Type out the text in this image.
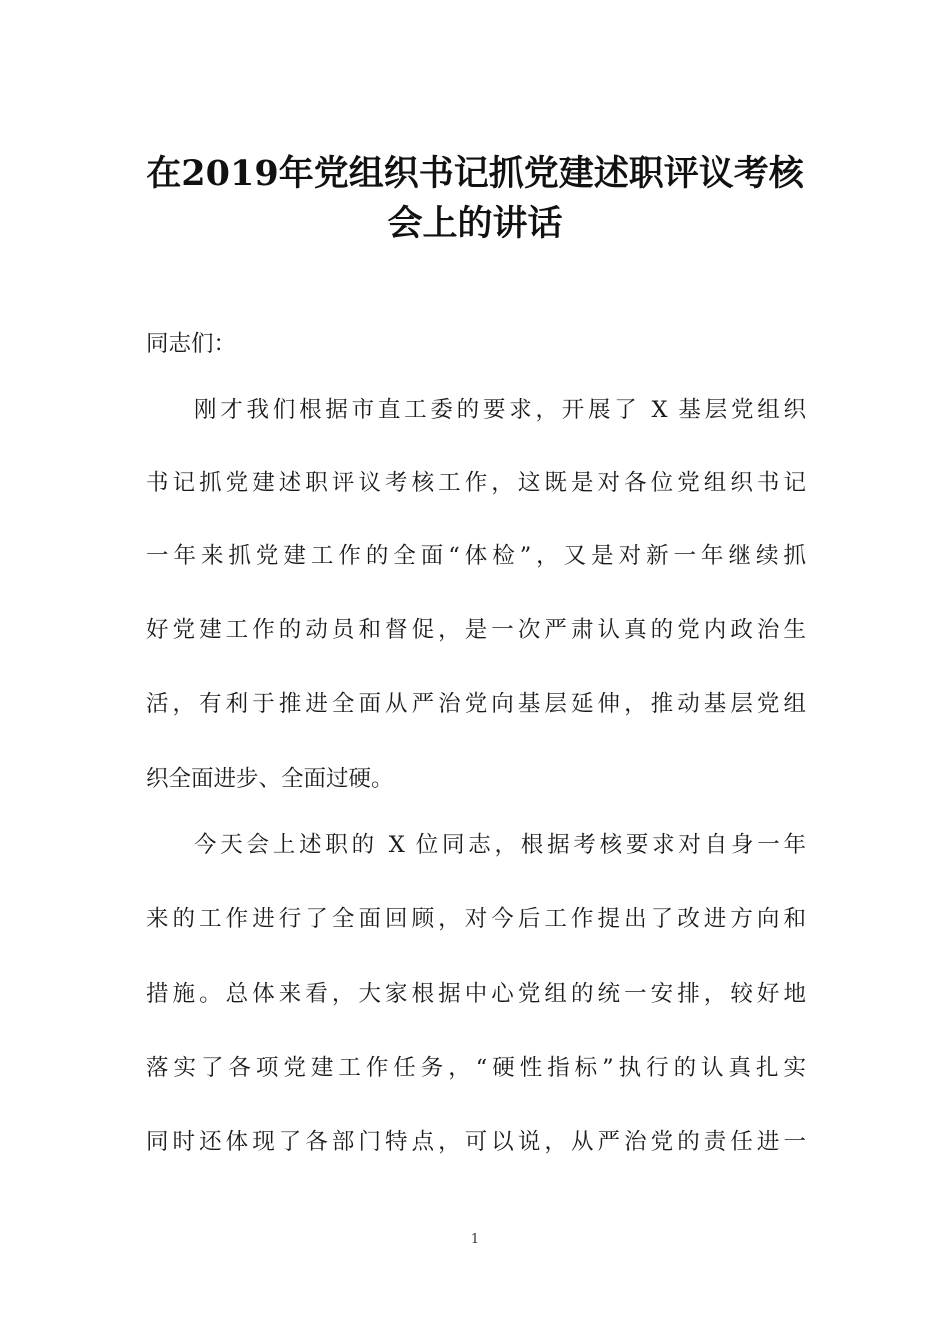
在2019年党组织书记抓党建述职评议考核
会上的讲话
同志们：
刚才我们根据市直工委的要求，开展了 X 基层党组织
书记抓党建述职评议考核工作，这既是对各位党组织书记
一年来抓党建工作的全面“体检”，又是对新一年继续抓
好党建工作的动员和督促，是一次严肃认真的党内政治生
活，有利于推进全面从严治党向基层延伸，推动基层党组
织全面进步、全面过硬。
今天会上述职的 X 位同志，根据考核要求对自身一年
来的工作进行了全面回顾，对今后工作提出了改进方向和
措施。总体来看，大家根据中心党组的统一安排，较好地
落实了各项党建工作任务，“硬性指标”执行的认真扎实
同时还体现了各部门特点，可以说，从严治党的责任进一
1
